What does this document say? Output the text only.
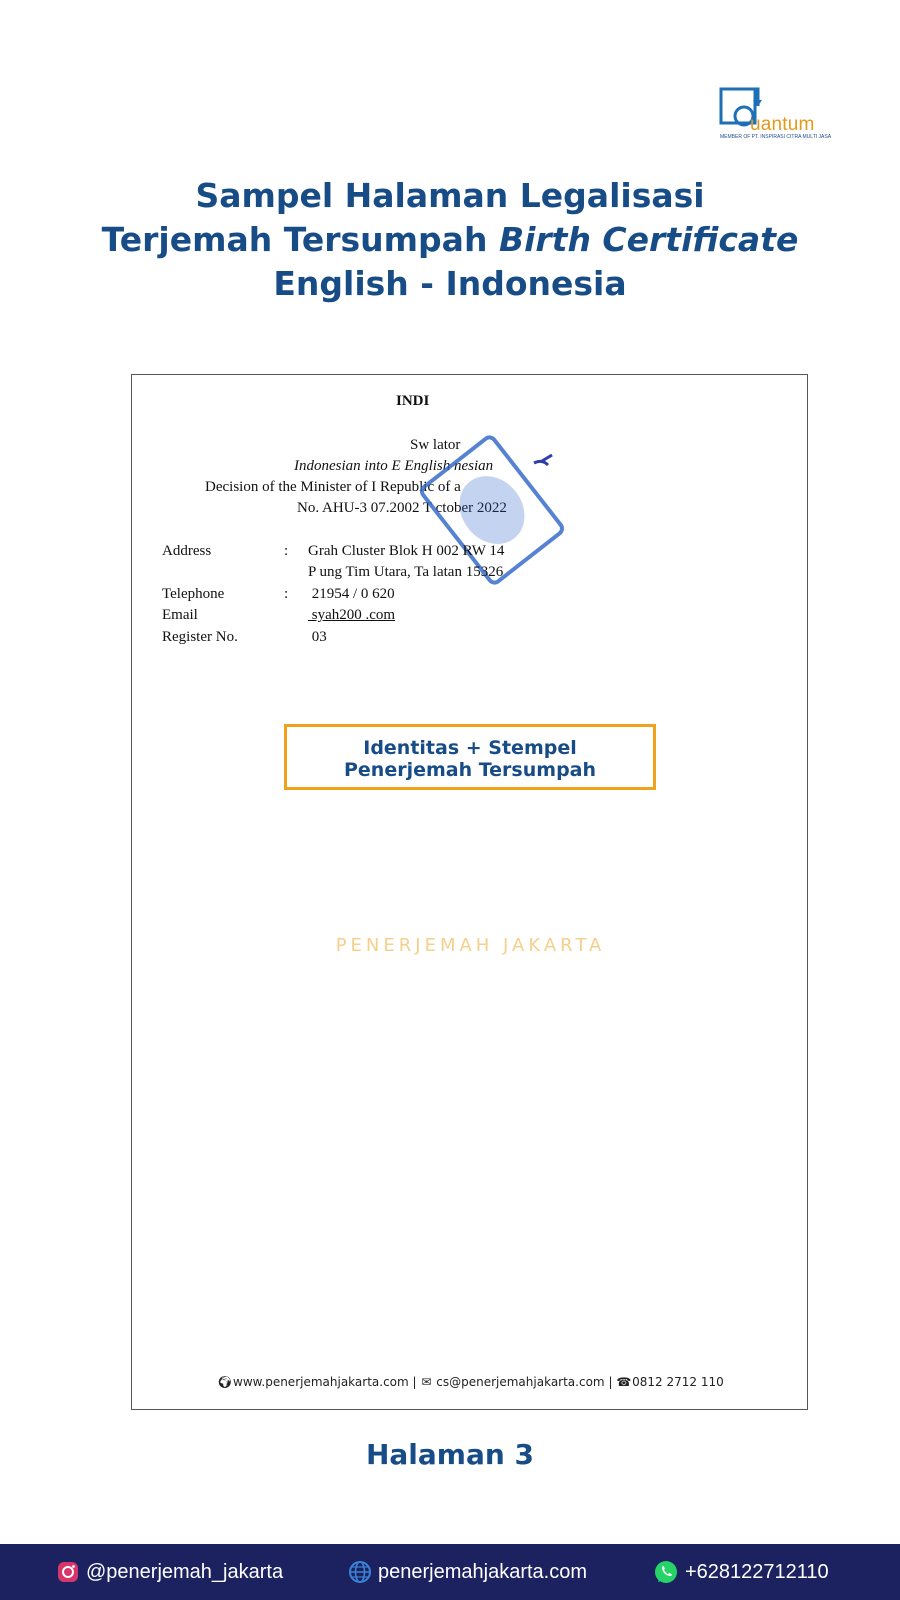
uantum
MEMBER OF PT. INSPIRASI CITRA MULTI JASA
Sampel Halaman Legalisasi
Terjemah Tersumpah Birth Certificate
English - Indonesia
INDI
Sw lator
Indonesian into E English nesian
Decision of the Minister of I Republic of a
No. AHU-3 07.2002 T ctober 2022
Address	: Grah Cluster Blok H 002 RW 14
P ung Tim Utara, Ta latan 15326
Telephone	: 21954 / 0 620
Email	syah200 .com
Register No.	03
Identitas + Stempel
Penerjemah Tersumpah
PENERJEMAH JAKARTA
🌍︎ www.penerjemahjakarta.com | ✉ cs@penerjemahjakarta.com | ☎ 0812 2712 110
Halaman 3
@penerjemah_jakarta	penerjemahjakarta.com	+628122712110
